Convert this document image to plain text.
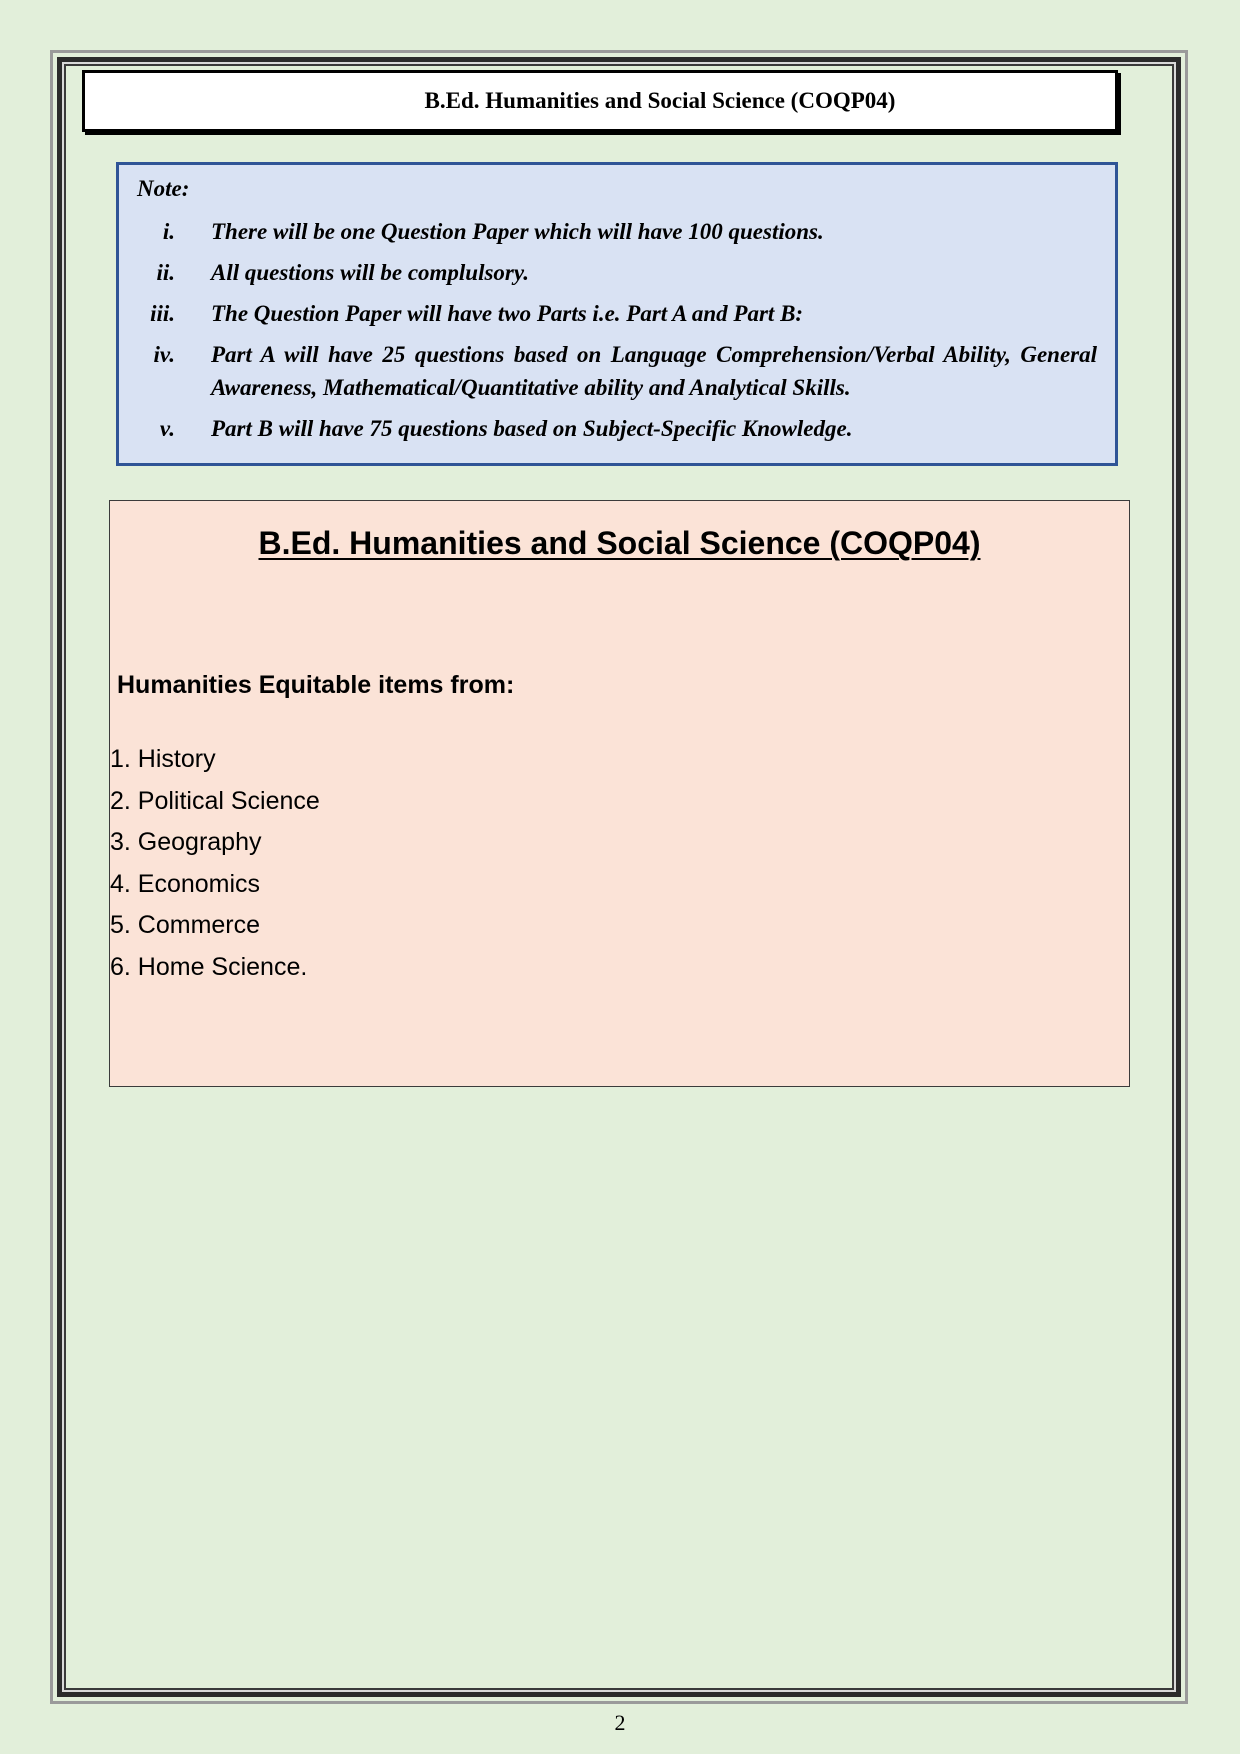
B.Ed. Humanities and Social Science (COQP04)
Note:
i. There will be one Question Paper which will have 100 questions.
ii. All questions will be complulsory.
iii. The Question Paper will have two Parts i.e. Part A and Part B:
iv. Part A will have 25 questions based on Language Comprehension/Verbal Ability, General Awareness, Mathematical/Quantitative ability and Analytical Skills.
v. Part B will have 75 questions based on Subject-Specific Knowledge.
B.Ed. Humanities and Social Science (COQP04)
Humanities Equitable items from:
1. History
2. Political Science
3. Geography
4. Economics
5. Commerce
6. Home Science.
2
